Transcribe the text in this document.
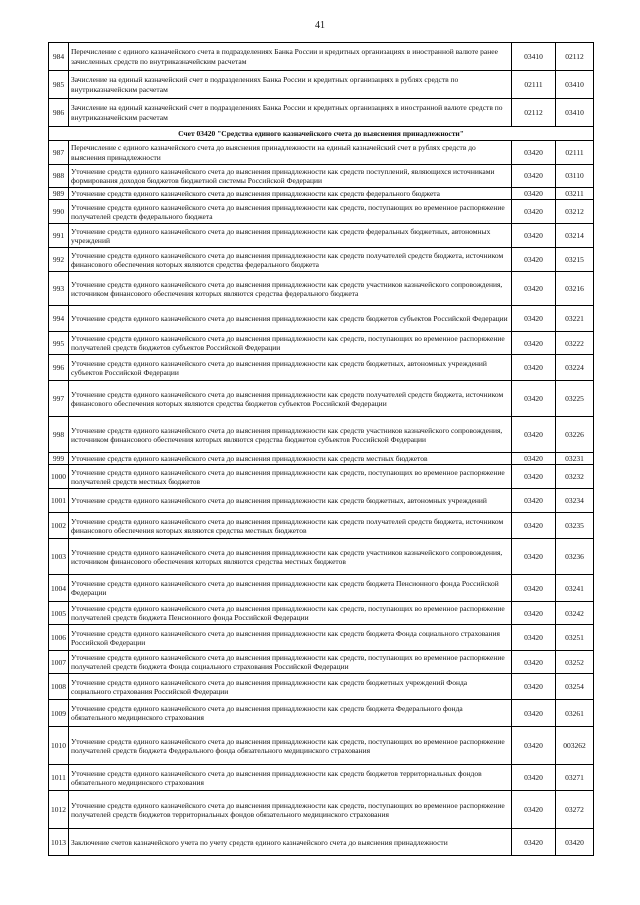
41
984	Перечисление с единого казначейского счета в подразделениях Банка России и кредитных организациях в иностранной валюте ранее зачисленных средств по внутриказначейским расчетам	03410	02112
985	Зачисление на единый казначейский счет в подразделениях Банка России и кредитных организациях в рублях средств по внутриказначейским расчетам	02111	03410
986	Зачисление на единый казначейский счет в подразделениях Банка России и кредитных организациях в иностранной валюте средств по внутриказначейским расчетам	02112	03410
Счет 03420 "Средства единого казначейского счета до выяснения принадлежности"			
987	Перечисление с единого казначейского счета до выяснения принадлежности на единый казначейский счет в рублях средств до выяснения принадлежности	03420	02111
988	Уточнение средств единого казначейского счета до выяснения принадлежности как средств поступлений, являющихся источниками формирования доходов бюджетов бюджетной системы Российской Федерации	03420	03110
989	Уточнение средств единого казначейского счета до выяснения принадлежности как средств федерального бюджета	03420	03211
990	Уточнение средств единого казначейского счета до выяснения принадлежности как средств, поступающих во временное распоряжение получателей средств федерального бюджета	03420	03212
991	Уточнение средств единого казначейского счета до выяснения принадлежности как средств федеральных бюджетных, автономных учреждений	03420	03214
992	Уточнение средств единого казначейского счета до выяснения принадлежности как средств получателей средств бюджета, источником финансового обеспечения которых являются средства федерального бюджета	03420	03215
993	Уточнение средств единого казначейского счета до выяснения принадлежности как средств участников казначейского сопровождения, источником финансового обеспечения которых являются средства федерального бюджета	03420	03216
994	Уточнение средств единого казначейского счета до выяснения принадлежности как средств бюджетов субъектов Российской Федерации	03420	03221
995	Уточнение средств единого казначейского счета до выяснения принадлежности как средств, поступающих во временное распоряжение получателей средств бюджетов субъектов Российской Федерации	03420	03222
996	Уточнение средств единого казначейского счета до выяснения принадлежности как средств бюджетных, автономных учреждений субъектов Российской Федерации	03420	03224
997	Уточнение средств единого казначейского счета до выяснения принадлежности как средств получателей средств бюджета, источником финансового обеспечения которых являются средства бюджетов субъектов Российской Федерации	03420	03225
998	Уточнение средств единого казначейского счета до выяснения принадлежности как средств участников казначейского сопровождения, источником финансового обеспечения которых являются средства бюджетов субъектов Российской Федерации	03420	03226
999	Уточнение средств единого казначейского счета до выяснения принадлежности как средств местных бюджетов	03420	03231
1000	Уточнение средств единого казначейского счета до выяснения принадлежности как средств, поступающих во временное распоряжение получателей средств местных бюджетов	03420	03232
1001	Уточнение средств единого казначейского счета до выяснения принадлежности как средств бюджетных, автономных учреждений	03420	03234
1002	Уточнение средств единого казначейского счета до выяснения принадлежности как средств получателей средств бюджета, источником финансового обеспечения которых являются средства местных бюджетов	03420	03235
1003	Уточнение средств единого казначейского счета до выяснения принадлежности как средств участников казначейского сопровождения, источником финансового обеспечения которых являются средства местных бюджетов	03420	03236
1004	Уточнение средств единого казначейского счета до выяснения принадлежности как средств бюджета Пенсионного фонда Российской Федерации	03420	03241
1005	Уточнение средств единого казначейского счета до выяснения принадлежности как средств, поступающих во временное распоряжение получателей средств бюджета Пенсионного фонда Российской Федерации	03420	03242
1006	Уточнение средств единого казначейского счета до выяснения принадлежности как средств бюджета Фонда социального страхования Российской Федерации	03420	03251
1007	Уточнение средств единого казначейского счета до выяснения принадлежности как средств, поступающих во временное распоряжение получателей средств бюджета Фонда социального страхования Российской Федерации	03420	03252
1008	Уточнение средств единого казначейского счета до выяснения принадлежности как средств бюджетных учреждений Фонда социального страхования Российской Федерации	03420	03254
1009	Уточнение средств единого казначейского счета до выяснения принадлежности как средств бюджета Федерального фонда обязательного медицинского страхования	03420	03261
1010	Уточнение средств единого казначейского счета до выяснения принадлежности как средств, поступающих во временное распоряжение получателей средств бюджета Федерального фонда обязательного медицинского страхования	03420	003262
1011	Уточнение средств единого казначейского счета до выяснения принадлежности как средств бюджетов территориальных фондов обязательного медицинского страхования	03420	03271
1012	Уточнение средств единого казначейского счета до выяснения принадлежности как средств, поступающих во временное распоряжение получателей средств бюджетов территориальных фондов обязательного медицинского страхования	03420	03272
1013	Заключение счетов казначейского учета по учету средств единого казначейского счета до выяснения принадлежности	03420	03420
